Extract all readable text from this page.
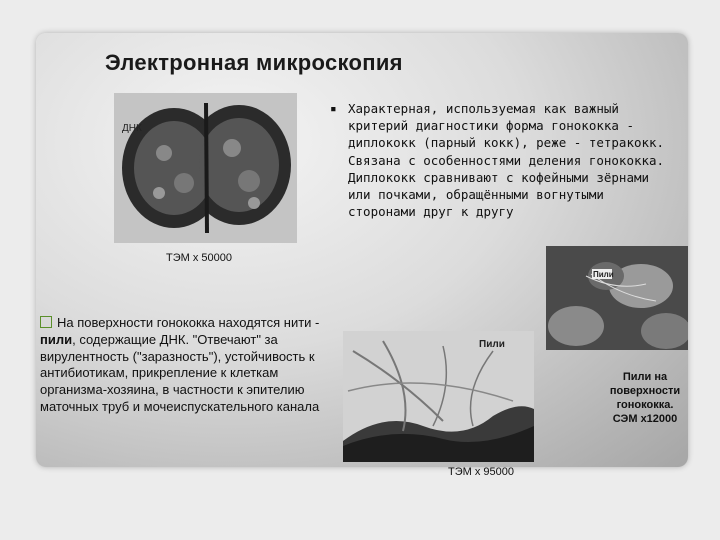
Электронная микроскопия
ДНК
ТЭМ х 50000
▪ Характерная, используемая как важный критерий диагностики форма гонококка - диплококк (парный кокк), реже - тетракокк. Связана с особенностями деления гонококка. Диплококк сравнивают с кофейными зёрнами или почками, обращёнными вогнутыми сторонами друг к другу
Пили
Пили
ТЭМ х 95000
Пили на
поверхности
гонококка.
СЭМ х12000
На поверхности гонококка находятся нити - пили, содержащие ДНК. "Отвечают" за вирулентность ("заразность"), устойчивость к антибиотикам, прикрепление к клеткам организма-хозяина, в частности к эпителию маточных труб и мочеиспускательного канала
